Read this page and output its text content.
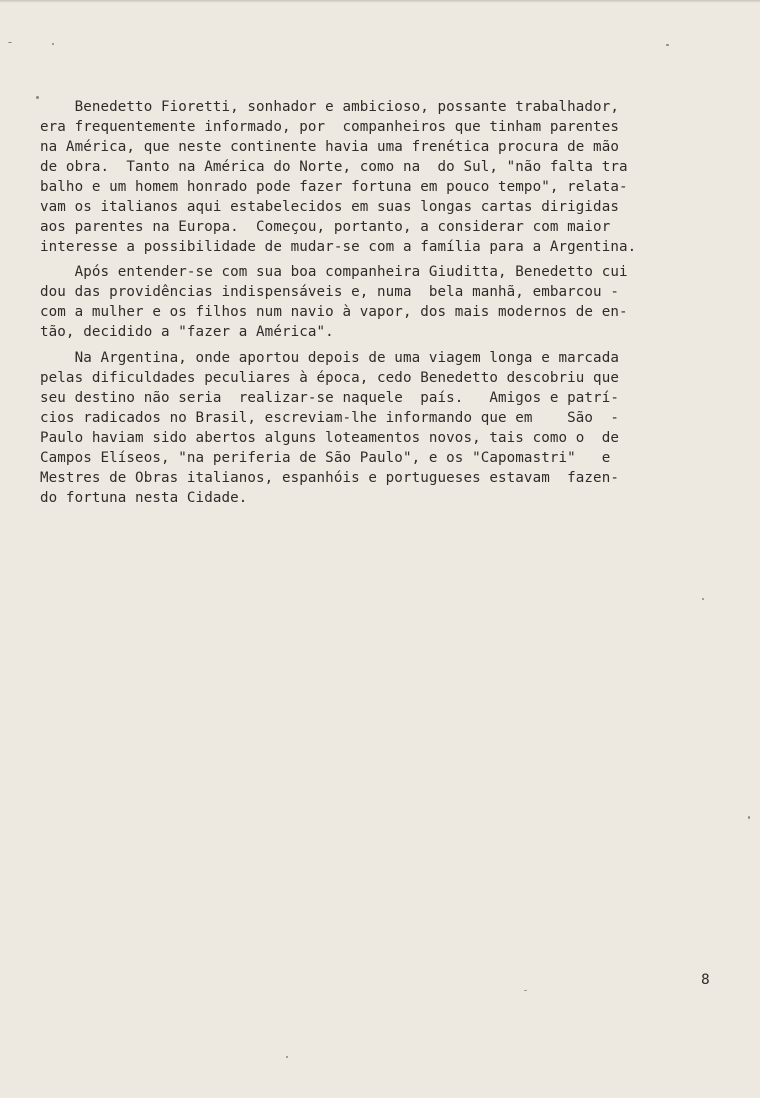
Benedetto Fioretti, sonhador e ambicioso, possante trabalhador,
era frequentemente informado, por  companheiros que tinham parentes
na América, que neste continente havia uma frenética procura de mão
de obra.  Tanto na América do Norte, como na  do Sul, "não falta tra
balho e um homem honrado pode fazer fortuna em pouco tempo", relata-
vam os italianos aqui estabelecidos em suas longas cartas dirigidas
aos parentes na Europa.  Começou, portanto, a considerar com maior
interesse a possibilidade de mudar-se com a família para a Argentina.
Após entender-se com sua boa companheira Giuditta, Benedetto cui
dou das providências indispensáveis e, numa  bela manhã, embarcou -
com a mulher e os filhos num navio à vapor, dos mais modernos de en-
tão, decidido a "fazer a América".
Na Argentina, onde aportou depois de uma viagem longa e marcada
pelas dificuldades peculiares à época, cedo Benedetto descobriu que
seu destino não seria  realizar-se naquele  país.   Amigos e patrí-
cios radicados no Brasil, escreviam-lhe informando que em    São  -
Paulo haviam sido abertos alguns loteamentos novos, tais como o  de
Campos Elíseos, "na periferia de São Paulo", e os "Capomastri"   e
Mestres de Obras italianos, espanhóis e portugueses estavam  fazen-
do fortuna nesta Cidade.
8
